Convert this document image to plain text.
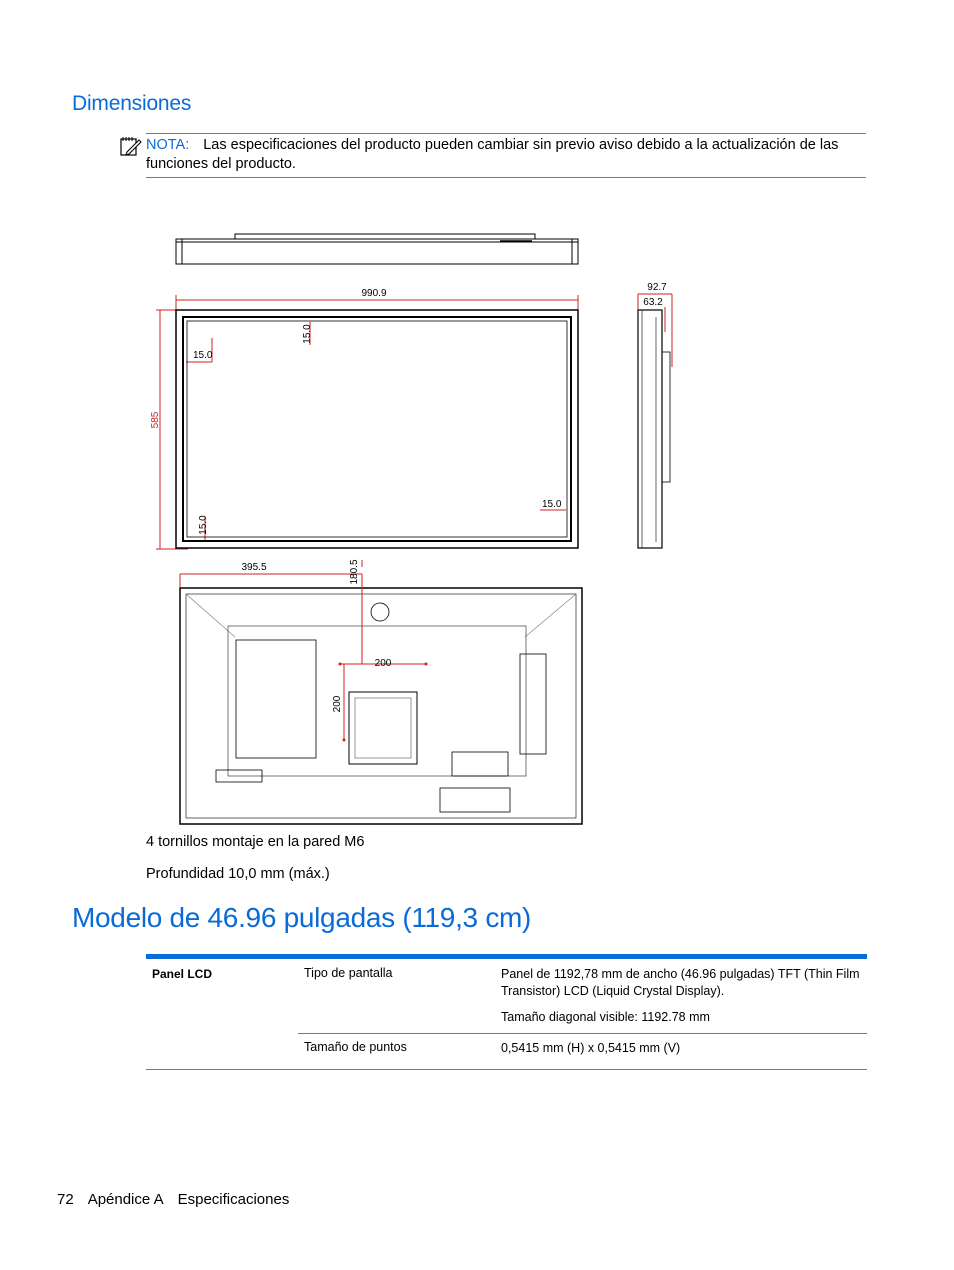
Dimensiones
NOTA: Las especificaciones del producto pueden cambiar sin previo aviso debido a la actualización de las funciones del producto.
990.9
585
15.0
15.0
15.0
15.0
92.7
63.2
395.5	180.5
200
200

4 tornillos montaje en la pared M6

Profundidad 10,0 mm (máx.)

Modelo de 46.96 pulgadas (119,3 cm)
Panel LCD	Tipo de pantalla	Panel de 1192,78 mm de ancho (46.96 pulgadas) TFT (Thin Film Transistor) LCD (Liquid Crystal Display).
		Tamaño diagonal visible: 1192.78 mm
	Tamaño de puntos	0,5415 mm (H) x 0,5415 mm (V)
72 Apéndice A Especificaciones
